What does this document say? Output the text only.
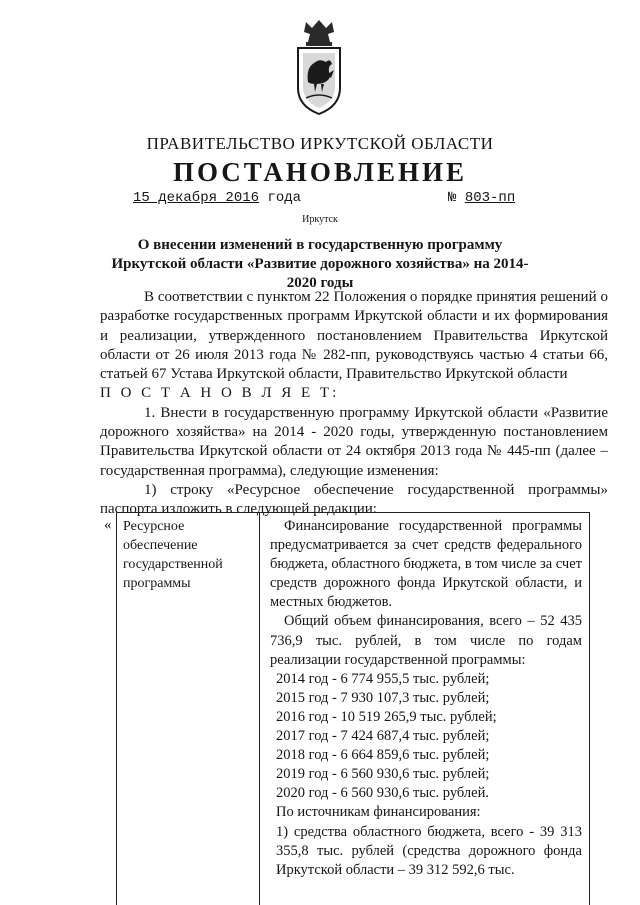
ПРАВИТЕЛЬСТВО ИРКУТСКОЙ ОБЛАСТИ
ПОСТАНОВЛЕНИЕ
15 декабря 2016 года	№ 803-пп
Иркутск
О внесении изменений в государственную программу Иркутской области «Развитие дорожного хозяйства» на 2014-2020 годы

В соответствии с пунктом 22 Положения о порядке принятия решений о разработке государственных программ Иркутской области и их формирования и реализации, утвержденного постановлением Правительства Иркутской области от 26 июля 2013 года № 282-пп, руководствуясь частью 4 статьи 66, статьей 67 Устава Иркутской области, Правительство Иркутской области

П О С Т А Н О В Л Я Е Т:

1. Внести в государственную программу Иркутской области «Развитие дорожного хозяйства» на 2014 - 2020 годы, утвержденную постановлением Правительства Иркутской области от 24 октября 2013 года № 445-пп (далее – государственная программа), следующие изменения:

1) строку «Ресурсное обеспечение государственной программы» паспорта изложить в следующей редакции:

« Ресурсное обеспечение государственной программы

Финансирование государственной программы предусматривается за счет средств федерального бюджета, областного бюджета, в том числе за счет средств дорожного фонда Иркутской области, и местных бюджетов.

Общий объем финансирования, всего – 52 435 736,9 тыс. рублей, в том числе по годам реализации государственной программы:

2014 год - 6 774 955,5 тыс. рублей;

2015 год - 7 930 107,3 тыс. рублей;

2016 год - 10 519 265,9 тыс. рублей;

2017 год - 7 424 687,4 тыс. рублей;

2018 год - 6 664 859,6 тыс. рублей;

2019 год - 6 560 930,6 тыс. рублей;

2020 год - 6 560 930,6 тыс. рублей.

По источникам финансирования:

1) средства областного бюджета, всего - 39 313 355,8 тыс. рублей (средства дорожного фонда Иркутской области – 39 312 592,6 тыс.
